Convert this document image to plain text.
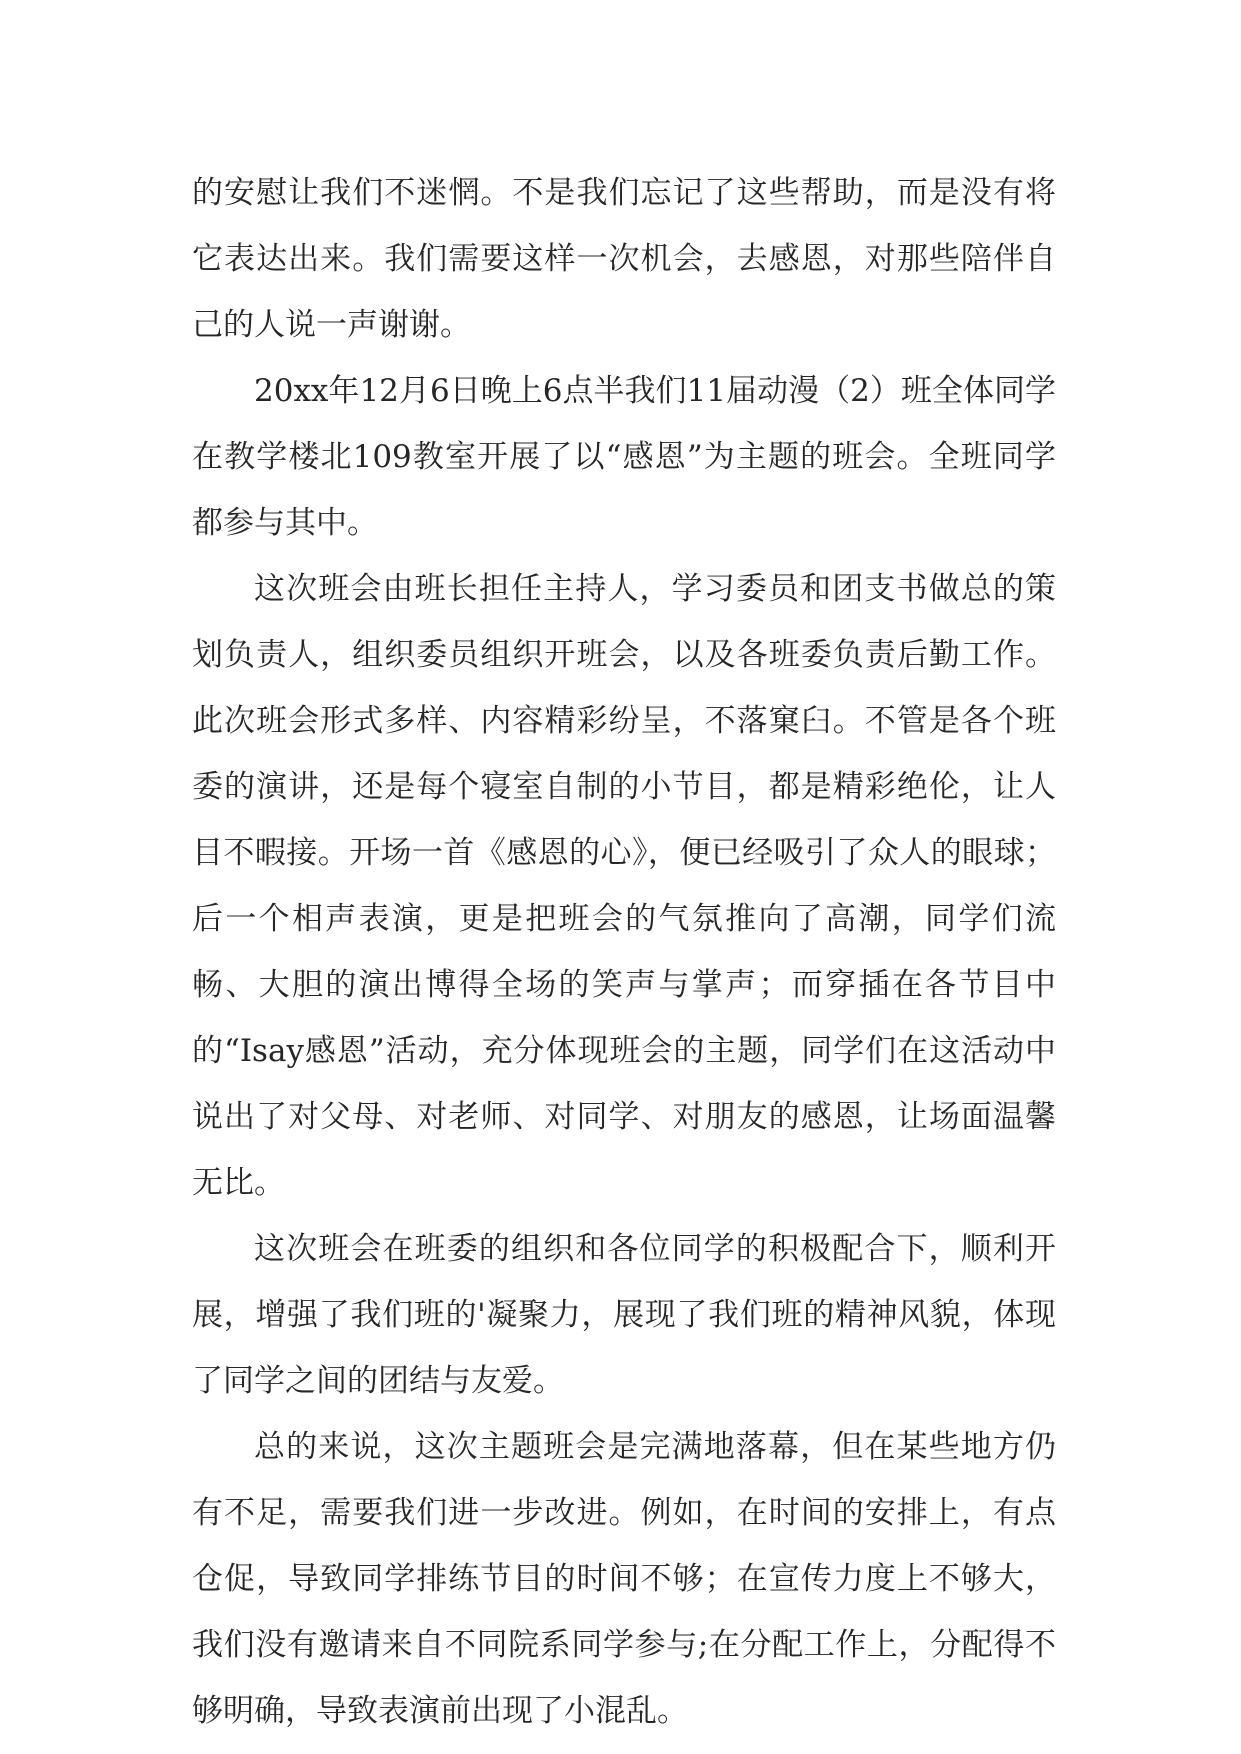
的安慰让我们不迷惘。不是我们忘记了这些帮助，而是没有将它表达出来。我们需要这样一次机会，去感恩，对那些陪伴自己的人说一声谢谢。

20xx年12月6日晚上6点半我们11届动漫（2）班全体同学在教学楼北109教室开展了以“感恩”为主题的班会。全班同学都参与其中。

这次班会由班长担任主持人，学习委员和团支书做总的策划负责人，组织委员组织开班会，以及各班委负责后勤工作。此次班会形式多样、内容精彩纷呈，不落窠臼。不管是各个班委的演讲，还是每个寝室自制的小节目，都是精彩绝伦，让人目不暇接。开场一首《感恩的心》，便已经吸引了众人的眼球；后一个相声表演，更是把班会的气氛推向了高潮，同学们流畅、大胆的演出博得全场的笑声与掌声；而穿插在各节目中的“Isay感恩”活动，充分体现班会的主题，同学们在这活动中说出了对父母、对老师、对同学、对朋友的感恩，让场面温馨无比。

这次班会在班委的组织和各位同学的积极配合下，顺利开展，增强了我们班的'凝聚力，展现了我们班的精神风貌，体现了同学之间的团结与友爱。

总的来说，这次主题班会是完满地落幕，但在某些地方仍有不足，需要我们进一步改进。例如，在时间的安排上，有点仓促，导致同学排练节目的时间不够；在宣传力度上不够大，我们没有邀请来自不同院系同学参与;在分配工作上，分配得不够明确，导致表演前出现了小混乱。
